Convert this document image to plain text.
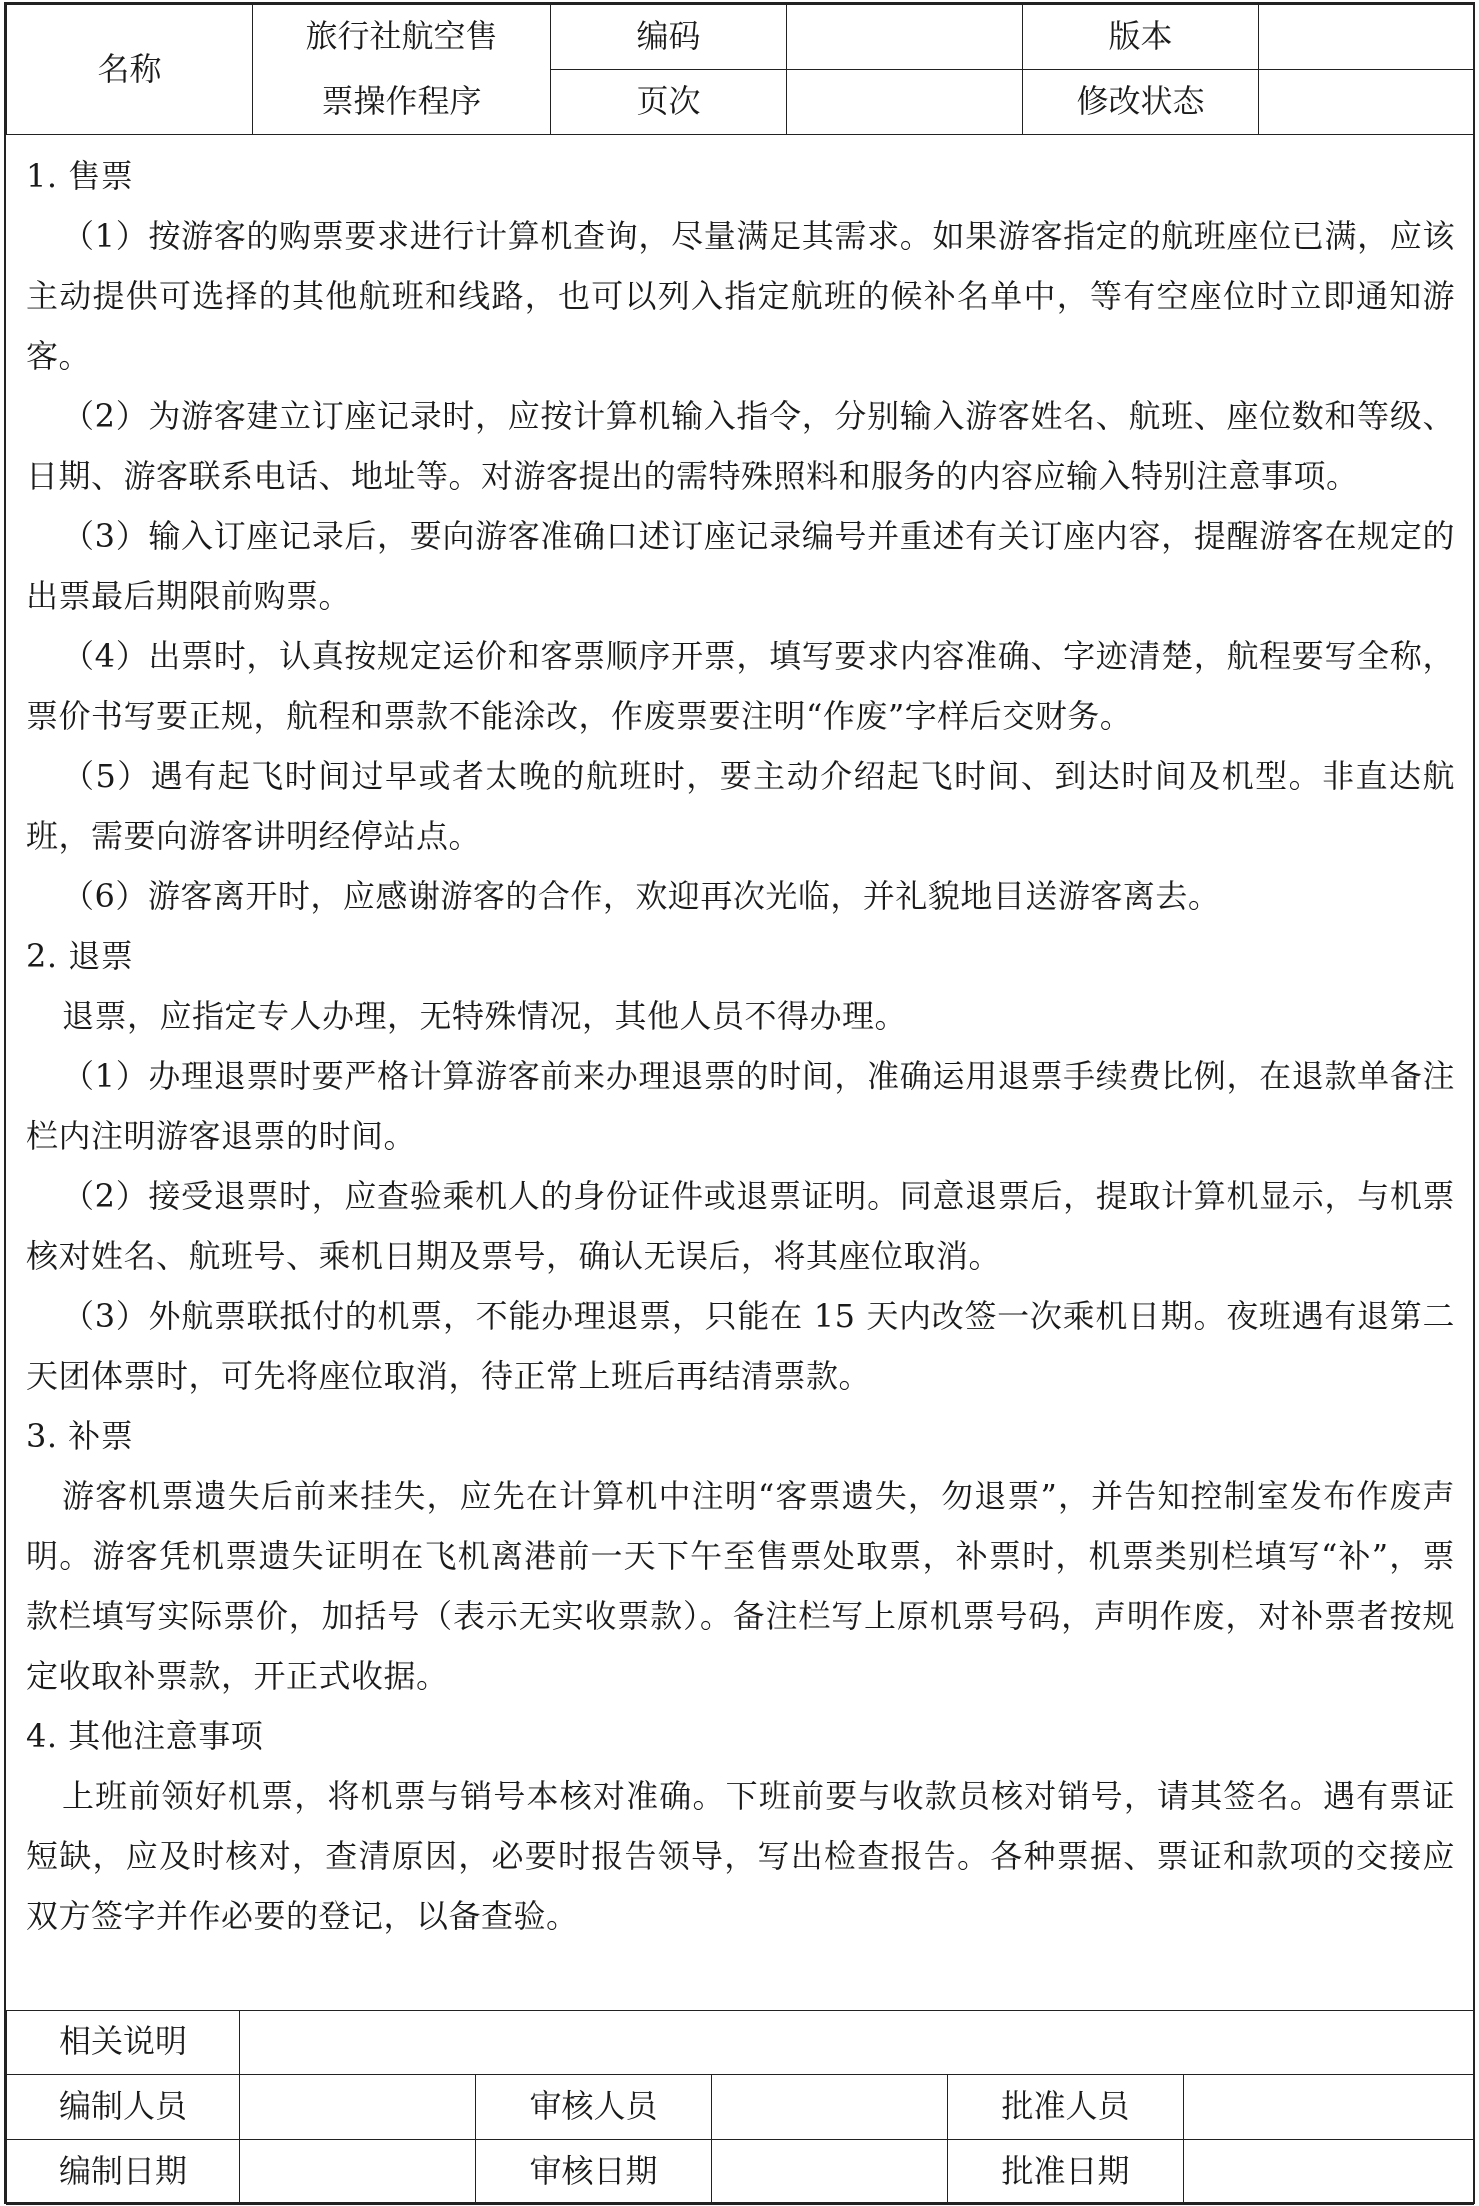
名称	旅行社航空售	编码		版本	
	票操作程序	页次		修改状态	

1. 售票

（1）按游客的购票要求进行计算机查询，尽量满足其需求。如果游客指定的航班座位已满，应该主动提供可选择的其他航班和线路，也可以列入指定航班的候补名单中，等有空座位时立即通知游客。

（2）为游客建立订座记录时，应按计算机输入指令，分别输入游客姓名、航班、座位数和等级、日期、游客联系电话、地址等。对游客提出的需特殊照料和服务的内容应输入特别注意事项。

（3）输入订座记录后，要向游客准确口述订座记录编号并重述有关订座内容，提醒游客在规定的出票最后期限前购票。

（4）出票时，认真按规定运价和客票顺序开票，填写要求内容准确、字迹清楚，航程要写全称，票价书写要正规，航程和票款不能涂改，作废票要注明“作废”字样后交财务。

（5）遇有起飞时间过早或者太晚的航班时，要主动介绍起飞时间、到达时间及机型。非直达航班，需要向游客讲明经停站点。

（6）游客离开时，应感谢游客的合作，欢迎再次光临，并礼貌地目送游客离去。

2. 退票

退票，应指定专人办理，无特殊情况，其他人员不得办理。

（1）办理退票时要严格计算游客前来办理退票的时间，准确运用退票手续费比例，在退款单备注栏内注明游客退票的时间。

（2）接受退票时，应查验乘机人的身份证件或退票证明。同意退票后，提取计算机显示，与机票核对姓名、航班号、乘机日期及票号，确认无误后，将其座位取消。

（3）外航票联抵付的机票，不能办理退票，只能在 15 天内改签一次乘机日期。夜班遇有退第二天团体票时，可先将座位取消，待正常上班后再结清票款。

3. 补票

游客机票遗失后前来挂失，应先在计算机中注明“客票遗失，勿退票”，并告知控制室发布作废声明。游客凭机票遗失证明在飞机离港前一天下午至售票处取票，补票时，机票类别栏填写“补”，票款栏填写实际票价，加括号（表示无实收票款）。备注栏写上原机票号码，声明作废，对补票者按规定收取补票款，开正式收据。

4. 其他注意事项

上班前领好机票，将机票与销号本核对准确。下班前要与收款员核对销号，请其签名。遇有票证短缺，应及时核对，查清原因，必要时报告领导，写出检查报告。各种票据、票证和款项的交接应双方签字并作必要的登记，以备查验。

相关说明					
编制人员		审核人员		批准人员	
编制日期		审核日期		批准日期	
